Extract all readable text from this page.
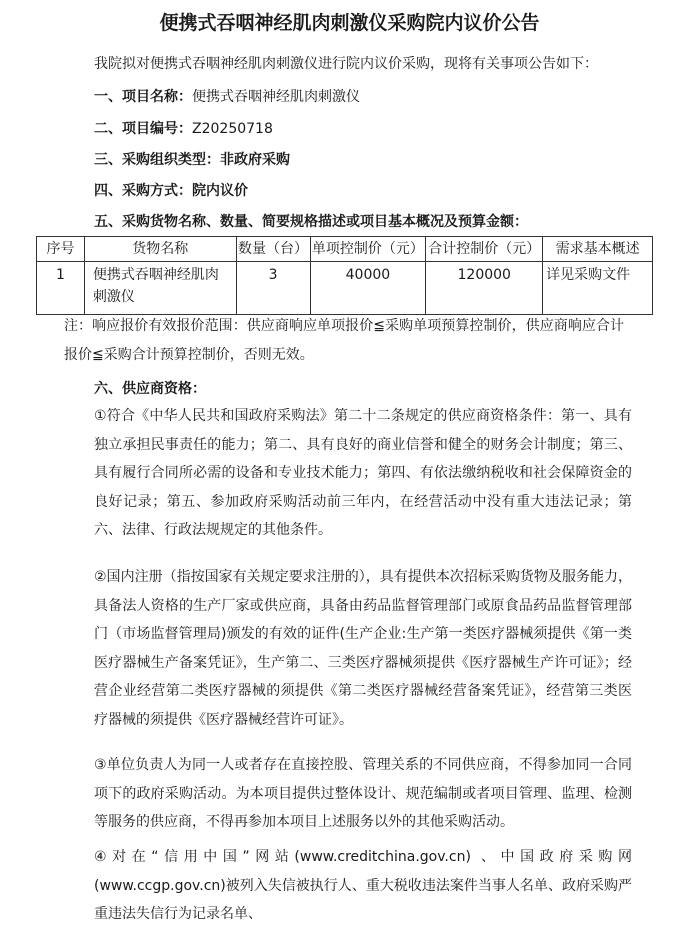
便携式吞咽神经肌肉刺激仪采购院内议价公告
我院拟对便携式吞咽神经肌肉刺激仪进行院内议价采购，现将有关事项公告如下：
一、项目名称：便携式吞咽神经肌肉刺激仪
二、项目编号：Z20250718
三、采购组织类型：非政府采购
四、采购方式：院内议价
五、采购货物名称、数量、简要规格描述或项目基本概况及预算金额：
序号	货物名称	数量（台）	单项控制价（元）	合计控制价（元）	需求基本概述
1	便携式吞咽神经肌肉刺激仪	3	40000	120000	详见采购文件
注：响应报价有效报价范围：供应商响应单项报价≦采购单项预算控制价，供应商响应合计报价≦采购合计预算控制价，否则无效。
六、供应商资格：
①符合《中华人民共和国政府采购法》第二十二条规定的供应商资格条件：第一、具有独立承担民事责任的能力；第二、具有良好的商业信誉和健全的财务会计制度；第三、具有履行合同所必需的设备和专业技术能力；第四、有依法缴纳税收和社会保障资金的良好记录；第五、参加政府采购活动前三年内，在经营活动中没有重大违法记录；第六、法律、行政法规规定的其他条件。
②国内注册（指按国家有关规定要求注册的），具有提供本次招标采购货物及服务能力，具备法人资格的生产厂家或供应商，具备由药品监督管理部门或原食品药品监督管理部门（市场监督管理局)颁发的有效的证件(生产企业:生产第一类医疗器械须提供《第一类医疗器械生产备案凭证》，生产第二、三类医疗器械须提供《医疗器械生产许可证》；经营企业经营第二类医疗器械的须提供《第二类医疗器械经营备案凭证》，经营第三类医疗器械的须提供《医疗器械经营许可证》。
③单位负责人为同一人或者存在直接控股、管理关系的不同供应商，不得参加同一合同项下的政府采购活动。为本项目提供过整体设计、规范编制或者项目管理、监理、检测等服务的供应商，不得再参加本项目上述服务以外的其他采购活动。
④对在“信用中国”网站(www.creditchina.gov.cn) 、中国政府采购网(www.ccgp.gov.cn)被列入失信被执行人、重大税收违法案件当事人名单、政府采购严重违法失信行为记录名单、
